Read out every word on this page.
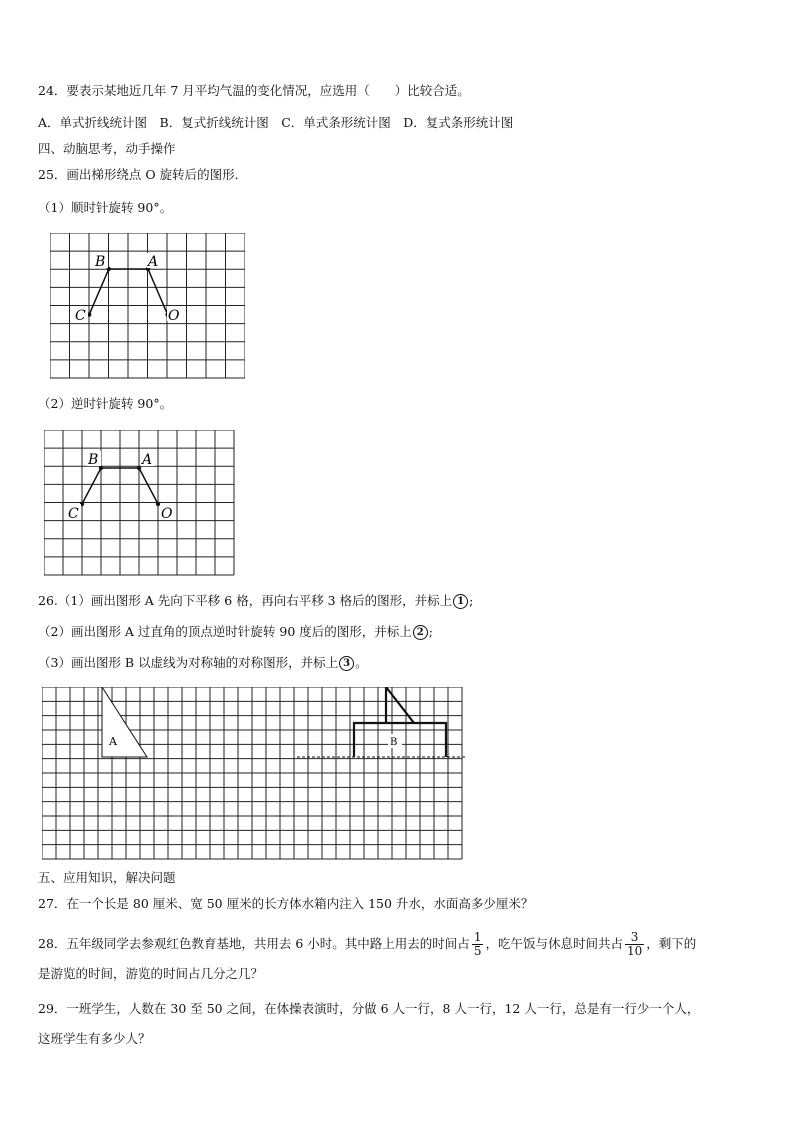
24．要表示某地近几年 7 月平均气温的变化情况，应选用（　　）比较合适。
A．单式折线统计图　B．复式折线统计图　C．单式条形统计图　D．复式条形统计图
四、动脑思考，动手操作
25．画出梯形绕点 O 旋转后的图形．
（1）顺时针旋转 90°。
B	A
C	O
（2）逆时针旋转 90°。
B	A
C	O
26.（1）画出图形 A 先向下平移 6 格，再向右平移 3 格后的图形，并标上 1 ;
（2）画出图形 A 过直角的顶点逆时针旋转 90 度后的图形，并标上 2 ;
（3）画出图形 B 以虚线为对称轴的对称图形，并标上 3 。
A	B
五、应用知识，解决问题
27．在一个长是 80 厘米、宽 50 厘米的长方体水箱内注入 150 升水，水面高多少厘米？
28．五年级同学去参观红色教育基地，共用去 6 小时。其中路上用去的时间占 $\frac{1}{5}$ ，吃午饭与休息时间共占 $\frac{3}{10}$ ，剩下的
是游览的时间，游览的时间占几分之几？
29．一班学生，人数在 30 至 50 之间，在体操表演时，分做 6 人一行，8 人一行，12 人一行，总是有一行少一个人，
这班学生有多少人？
